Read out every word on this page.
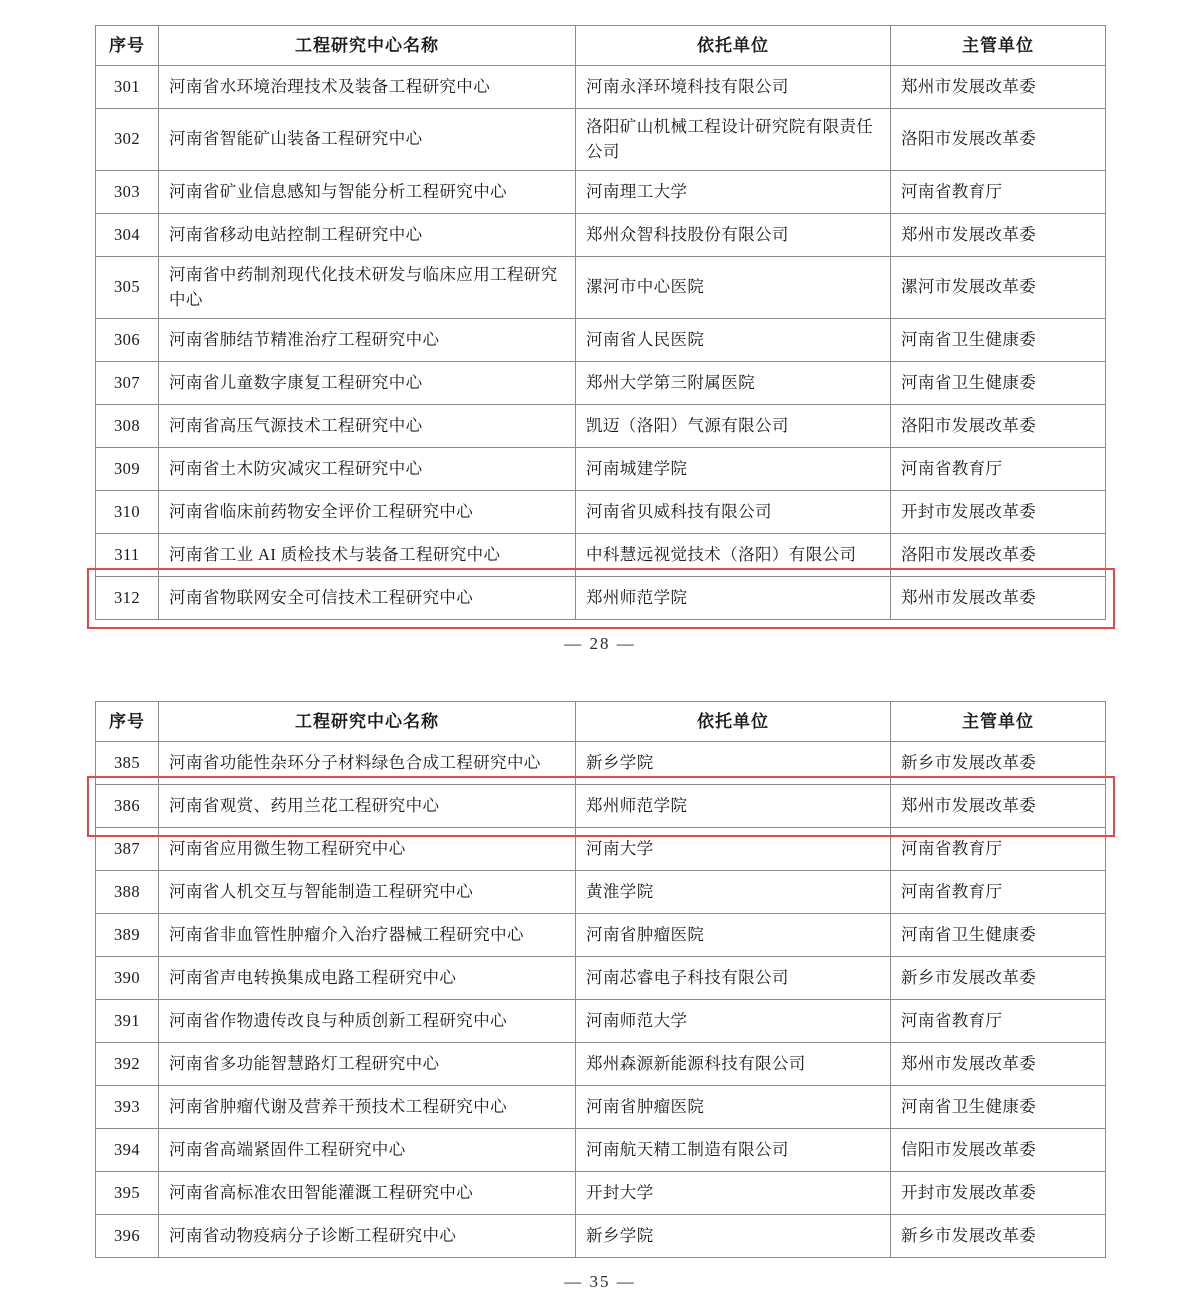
序号	工程研究中心名称	依托单位	主管单位
301	河南省水环境治理技术及装备工程研究中心	河南永泽环境科技有限公司	郑州市发展改革委
302	河南省智能矿山装备工程研究中心	洛阳矿山机械工程设计研究院有限责任公司	洛阳市发展改革委
303	河南省矿业信息感知与智能分析工程研究中心	河南理工大学	河南省教育厅
304	河南省移动电站控制工程研究中心	郑州众智科技股份有限公司	郑州市发展改革委
305	河南省中药制剂现代化技术研发与临床应用工程研究中心	漯河市中心医院	漯河市发展改革委
306	河南省肺结节精准治疗工程研究中心	河南省人民医院	河南省卫生健康委
307	河南省儿童数字康复工程研究中心	郑州大学第三附属医院	河南省卫生健康委
308	河南省高压气源技术工程研究中心	凯迈（洛阳）气源有限公司	洛阳市发展改革委
309	河南省土木防灾减灾工程研究中心	河南城建学院	河南省教育厅
310	河南省临床前药物安全评价工程研究中心	河南省贝威科技有限公司	开封市发展改革委
311	河南省工业 AI 质检技术与装备工程研究中心	中科慧远视觉技术（洛阳）有限公司	洛阳市发展改革委
312	河南省物联网安全可信技术工程研究中心	郑州师范学院	郑州市发展改革委
— 28 —
序号	工程研究中心名称	依托单位	主管单位
385	河南省功能性杂环分子材料绿色合成工程研究中心	新乡学院	新乡市发展改革委
386	河南省观赏、药用兰花工程研究中心	郑州师范学院	郑州市发展改革委
387	河南省应用微生物工程研究中心	河南大学	河南省教育厅
388	河南省人机交互与智能制造工程研究中心	黄淮学院	河南省教育厅
389	河南省非血管性肿瘤介入治疗器械工程研究中心	河南省肿瘤医院	河南省卫生健康委
390	河南省声电转换集成电路工程研究中心	河南芯睿电子科技有限公司	新乡市发展改革委
391	河南省作物遗传改良与种质创新工程研究中心	河南师范大学	河南省教育厅
392	河南省多功能智慧路灯工程研究中心	郑州森源新能源科技有限公司	郑州市发展改革委
393	河南省肿瘤代谢及营养干预技术工程研究中心	河南省肿瘤医院	河南省卫生健康委
394	河南省高端紧固件工程研究中心	河南航天精工制造有限公司	信阳市发展改革委
395	河南省高标准农田智能灌溉工程研究中心	开封大学	开封市发展改革委
396	河南省动物疫病分子诊断工程研究中心	新乡学院	新乡市发展改革委
— 35 —
